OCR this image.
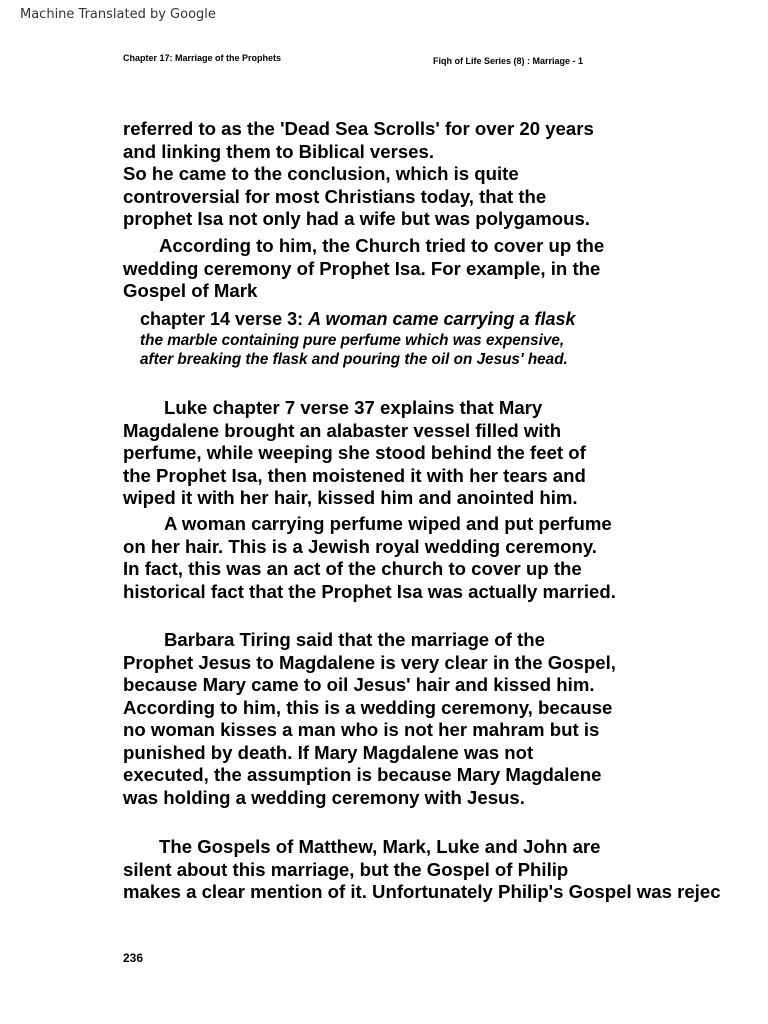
Machine Translated by Google
Chapter 17: Marriage of the Prophets	Fiqh of Life Series (8) : Marriage - 1
referred to as the 'Dead Sea Scrolls' for over 20 years
and linking them to Biblical verses.
So he came to the conclusion, which is quite
controversial for most Christians today, that the
prophet Isa not only had a wife but was polygamous.
According to him, the Church tried to cover up the
wedding ceremony of Prophet Isa. For example, in the
Gospel of Mark
chapter 14 verse 3: A woman came carrying a flask
the marble containing pure perfume which was expensive,
after breaking the flask and pouring the oil on Jesus' head.
Luke chapter 7 verse 37 explains that Mary
Magdalene brought an alabaster vessel filled with
perfume, while weeping she stood behind the feet of
the Prophet Isa, then moistened it with her tears and
wiped it with her hair, kissed him and anointed him.
A woman carrying perfume wiped and put perfume
on her hair. This is a Jewish royal wedding ceremony.
In fact, this was an act of the church to cover up the
historical fact that the Prophet Isa was actually married.
Barbara Tiring said that the marriage of the
Prophet Jesus to Magdalene is very clear in the Gospel,
because Mary came to oil Jesus' hair and kissed him.
According to him, this is a wedding ceremony, because
no woman kisses a man who is not her mahram but is
punished by death. If Mary Magdalene was not
executed, the assumption is because Mary Magdalene
was holding a wedding ceremony with Jesus.
The Gospels of Matthew, Mark, Luke and John are
silent about this marriage, but the Gospel of Philip
makes a clear mention of it. Unfortunately Philip's Gospel was rejec
236
